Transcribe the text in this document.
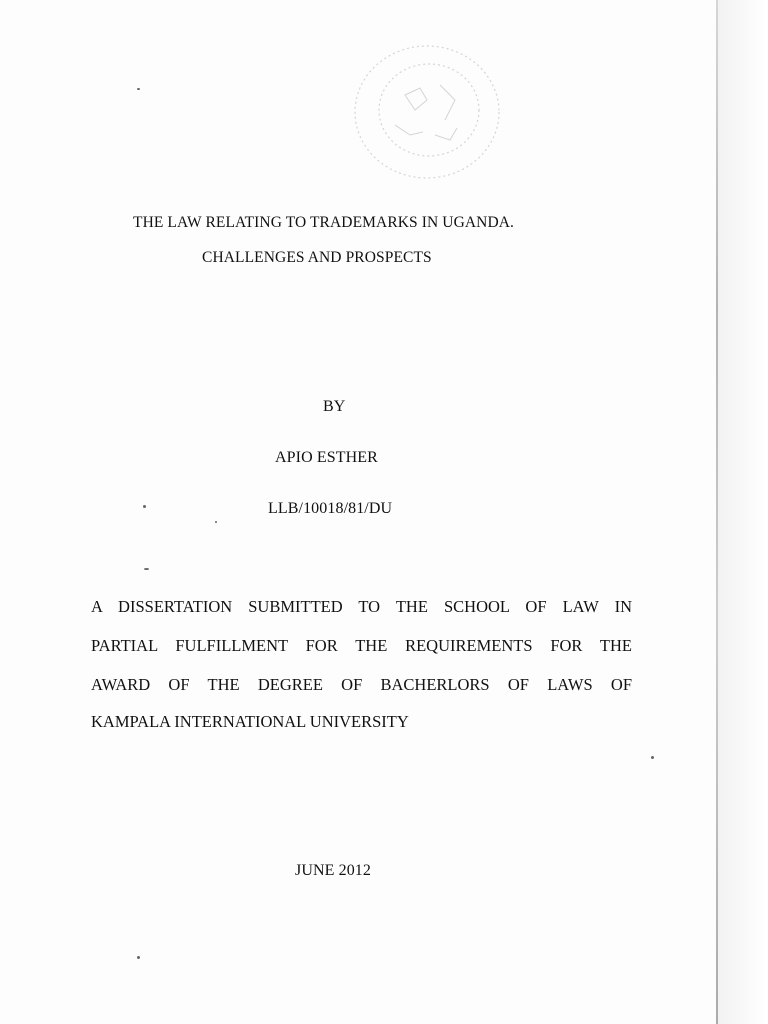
THE LAW RELATING TO TRADEMARKS IN UGANDA.
CHALLENGES AND PROSPECTS
BY
APIO ESTHER
LLB/10018/81/DU
A DISSERTATION SUBMITTED TO THE SCHOOL OF LAW IN
PARTIAL FULFILLMENT FOR THE REQUIREMENTS FOR THE
AWARD OF THE DEGREE OF BACHERLORS OF LAWS OF
KAMPALA INTERNATIONAL UNIVERSITY
JUNE 2012
